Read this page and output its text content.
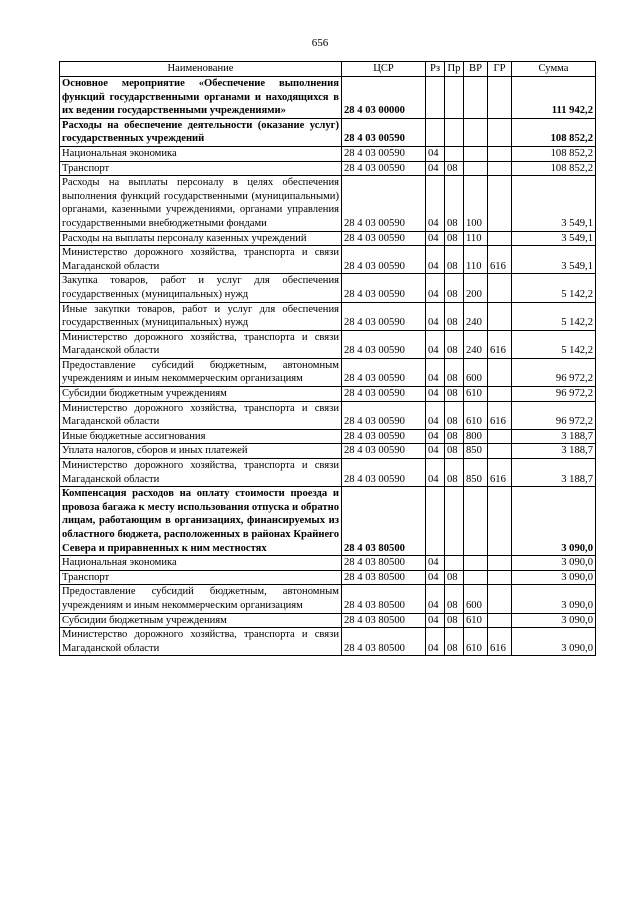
656
Наименование	ЦСР	Рз	Пр	ВР	ГР	Сумма
Основное мероприятие «Обеспечение выполнения функций государственными органами и находящихся в их ведении государственными учреждениями»	28 4 03 00000					111 942,2
Расходы на обеспечение деятельности (оказание услуг) государственных учреждений	28 4 03 00590					108 852,2
Национальная экономика	28 4 03 00590	04				108 852,2
Транспорт	28 4 03 00590	04	08			108 852,2
Расходы на выплаты персоналу в целях обеспечения выполнения функций государственными (муниципальными) органами, казенными учреждениями, органами управления государственными внебюджетными фондами	28 4 03 00590	04	08	100		3 549,1
Расходы на выплаты персоналу казенных учреждений	28 4 03 00590	04	08	110		3 549,1
Министерство дорожного хозяйства, транспорта и связи Магаданской области	28 4 03 00590	04	08	110	616	3 549,1
Закупка товаров, работ и услуг для обеспечения государственных (муниципальных) нужд	28 4 03 00590	04	08	200		5 142,2
Иные закупки товаров, работ и услуг для обеспечения государственных (муниципальных) нужд	28 4 03 00590	04	08	240		5 142,2
Министерство дорожного хозяйства, транспорта и связи Магаданской области	28 4 03 00590	04	08	240	616	5 142,2
Предоставление субсидий бюджетным, автономным учреждениям и иным некоммерческим организациям	28 4 03 00590	04	08	600		96 972,2
Субсидии бюджетным учреждениям	28 4 03 00590	04	08	610		96 972,2
Министерство дорожного хозяйства, транспорта и связи Магаданской области	28 4 03 00590	04	08	610	616	96 972,2
Иные бюджетные ассигнования	28 4 03 00590	04	08	800		3 188,7
Уплата налогов, сборов и иных платежей	28 4 03 00590	04	08	850		3 188,7
Министерство дорожного хозяйства, транспорта и связи Магаданской области	28 4 03 00590	04	08	850	616	3 188,7
Компенсация расходов на оплату стоимости проезда и провоза багажа к месту использования отпуска и обратно лицам, работающим в организациях, финансируемых из областного бюджета, расположенных в районах Крайнего Севера и приравненных к ним местностях	28 4 03 80500					3 090,0
Национальная экономика	28 4 03 80500	04				3 090,0
Транспорт	28 4 03 80500	04	08			3 090,0
Предоставление субсидий бюджетным, автономным учреждениям и иным некоммерческим организациям	28 4 03 80500	04	08	600		3 090,0
Субсидии бюджетным учреждениям	28 4 03 80500	04	08	610		3 090,0
Министерство дорожного хозяйства, транспорта и связи Магаданской области	28 4 03 80500	04	08	610	616	3 090,0
